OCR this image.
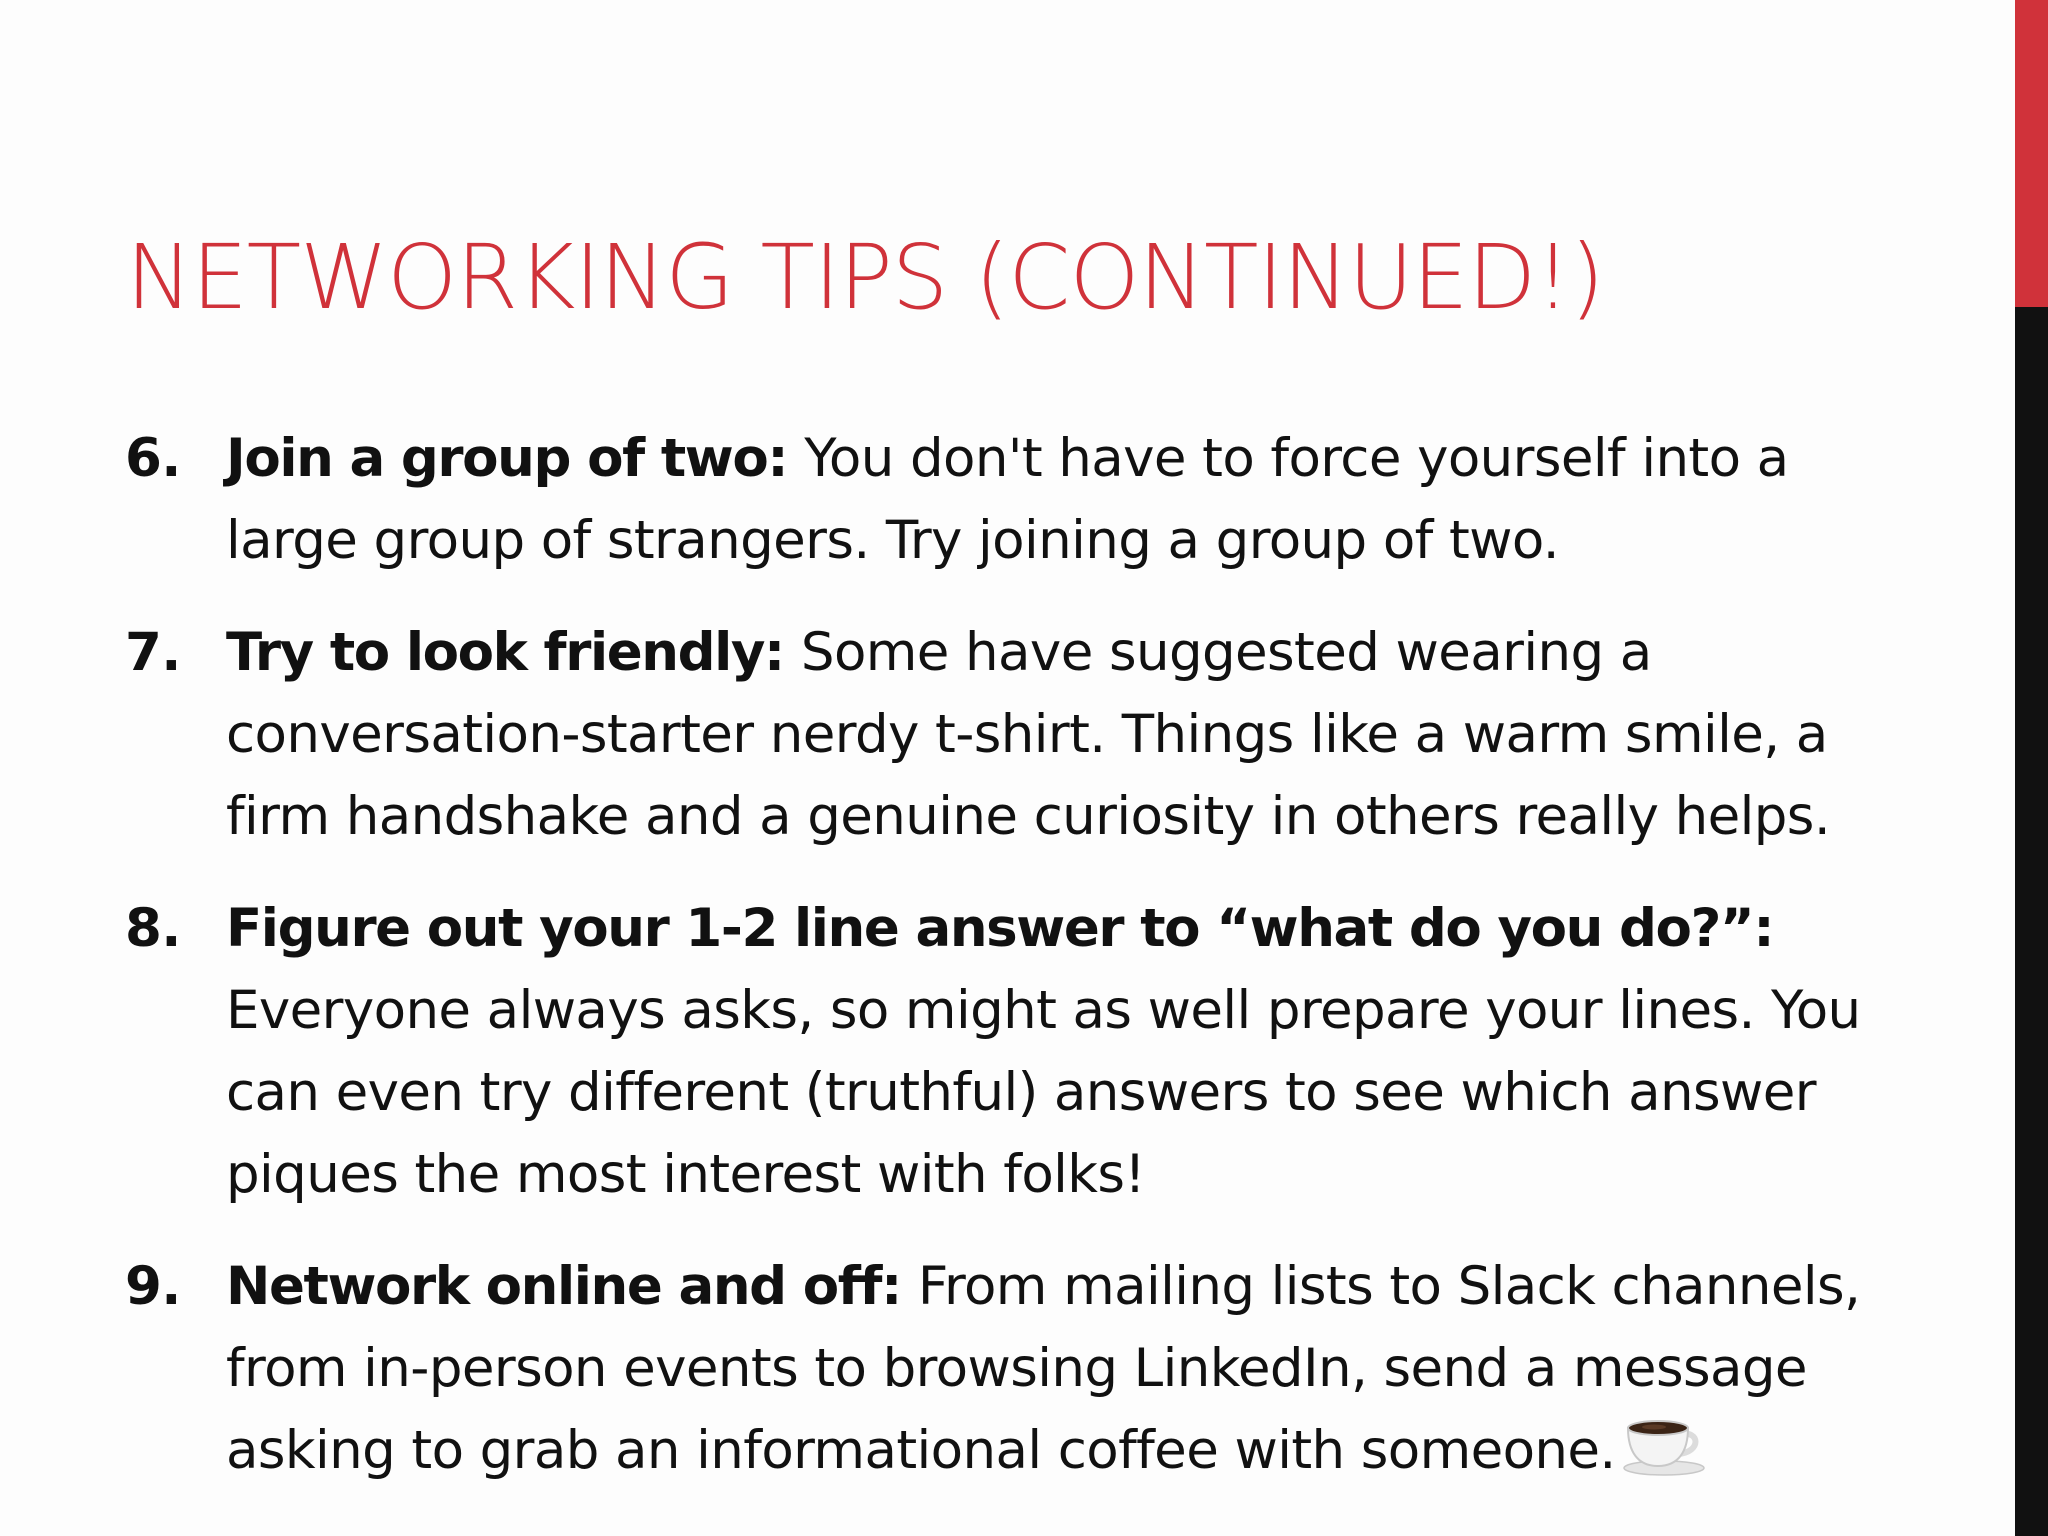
NETWORKING TIPS (CONTINUED!)
6. Join a group of two: You don't have to force yourself into a large group of strangers. Try joining a group of two.
7. Try to look friendly: Some have suggested wearing a conversation-starter nerdy t-shirt. Things like a warm smile, a firm handshake and a genuine curiosity in others really helps.
8. Figure out your 1-2 line answer to “what do you do?”: Everyone always asks, so might as well prepare your lines. You can even try different (truthful) answers to see which answer piques the most interest with folks!
9. Network online and off: From mailing lists to Slack channels, from in-person events to browsing LinkedIn, send a message asking to grab an informational coffee with someone.
